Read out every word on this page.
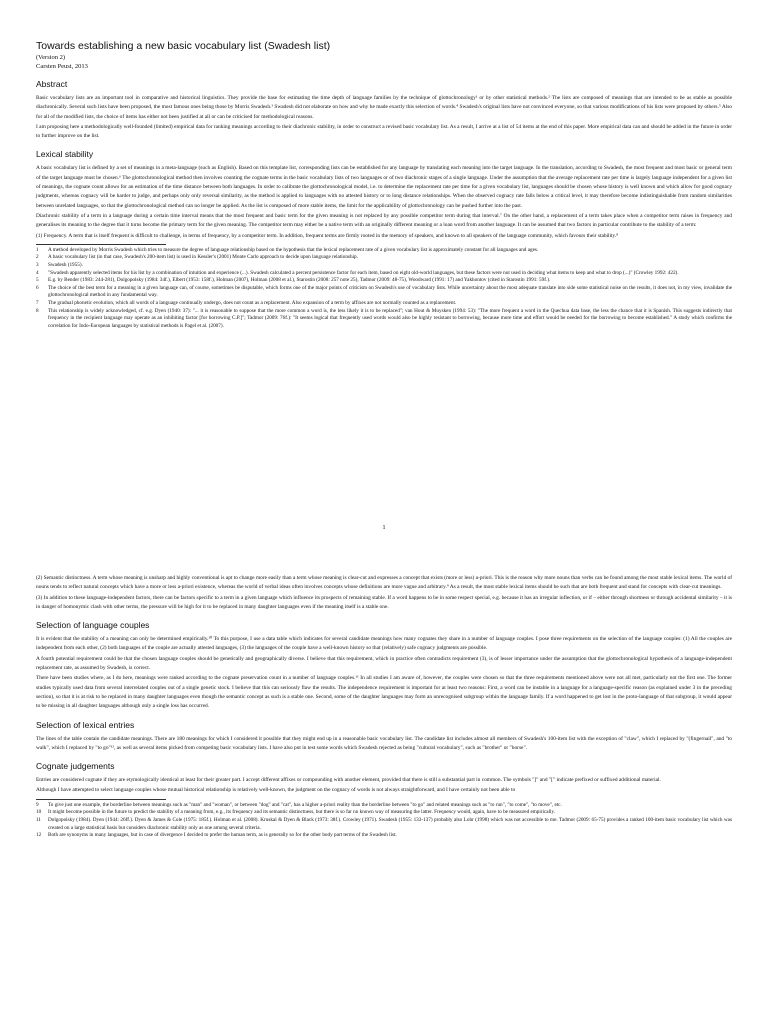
Towards establishing a new basic vocabulary list (Swadesh list)

(Version 2)

Carsten Peust, 2013

Abstract

Basic vocabulary lists are an important tool in comparative and historical linguistics. They provide the base for estimating the time depth of language families by the technique of glottochronology¹ or by other statistical methods.² The lists are composed of meanings that are intended to be as stable as possible diachronically. Several such lists have been proposed, the most famous ones being those by Morris Swadesh.³ Swadesh did not elaborate on how and why he made exactly this selection of words.⁴ Swadesh's original lists have not convinced everyone, so that various modifications of his lists were proposed by others.⁵ Also for all of the modified lists, the choice of items has either not been justified at all or can be criticised for methodological reasons.

I am proposing here a methodologically well-founded (limited) empirical data for ranking meanings according to their diachronic stability, in order to construct a revised basic vocabulary list. As a result, I arrive at a list of 54 items at the end of this paper. More empirical data can and should be added in the future in order to further improve on the list.

Lexical stability

A basic vocabulary list is defined by a set of meanings in a meta-language (such as English). Based on this template list, corresponding lists can be established for any language by translating each meaning into the target language. In the translation, according to Swadesh, the most frequent and most basic or general term of the target language must be chosen.⁶ The glottochronological method then involves counting the cognate terms in the basic vocabulary lists of two languages or of two diachronic stages of a single language. Under the assumption that the average replacement rate per time is largely language independent for a given list of meanings, the cognate count allows for an estimation of the time distance between both languages. In order to calibrate the glottochronological model, i.e. to determine the replacement rate per time for a given vocabulary list, languages should be chosen whose history is well known and which allow for good cognacy judgments, whereas cognacy will be harder to judge, and perhaps only only reversal similarity, as the method is applied to languages with no attested history or to long distance relationships. When the observed cognacy rate falls below a critical level, it may therefore become indistinguishable from random similarities between unrelated languages, so that the glottochronological method can no longer be applied. As the list is composed of more stable items, the limit for the applicability of glottochronology can be pushed further into the past.

Diachronic stability of a term in a language during a certain time interval means that the most frequent and basic term for the given meaning is not replaced by any possible competitor term during that interval.⁷ On the other hand, a replacement of a term takes place when a competitor term raises in frequency and generalises its meaning to the degree that it turns become the primary term for the given meaning. The competitor term may either be a native term with an originally different meaning or a loan word from another language. It can be assumed that two factors in particular contribute to the stability of a term:

(1) Frequency. A term that is itself frequent is difficult to challenge, in terms of frequency, by a competitor term. In addition, frequent terms are firmly rooted in the memory of speakers, and known to all speakers of the language community, which favours their stability.⁸

1	A method developed by Morris Swadesh which tries to measure the degree of language relationship based on the hypothesis that the lexical replacement rate of a given vocabulary list is approximately constant for all languages and ages.
2	A basic vocabulary list (in that case, Swadesh's 200-item list) is used in Kessler's (2001) Monte Carlo approach to decide upon language relationship.
3	Swadesh (1955).
4	"Swadesh apparently selected items for his list by a combination of intuition and experience (...). Swadesh calculated a percent persistence factor for each item, based on eight old-world languages, but these factors were not used in deciding what items to keep and what to drop (...)" (Crowley 1992: 422).
5	E.g. by Bender (1983: 244-281), Dolgopolsky (1984: 34f.), Elbert (1953: 158f.), Holman (2007), Holman (2008 et al.), Starostin (2008: 257 note 25), Tadmor (2009: 48-75), Woodward (1991: 17) and Yakhontov (cited in Starostin 1991: 59f.).
6	The choice of the best term for a meaning in a given language can, of course, sometimes be disputable, which forms one of the major points of criticism on Swadesh's use of vocabulary lists. While uncertainty about the most adequate translate into side some statistical noise on the results, it does not, in my view, invalidate the glottochronological method in any fundamental way.
7	The gradual phonetic evolution, which all words of a language continually undergo, does not count as a replacement. Also expansion of a term by affixes are not normally counted as a replacement.
8	This relationship is widely acknowledged, cf. e.g. Dyen (1940: 37): "... it is reasonable to suppose that the more common a word is, the less likely it is to be replaced"; van Hout & Muysken (1994: 53): "The more frequent a word in the Quechua data base, the less the chance that it is Spanish. This suggests indirectly that frequency in the recipient language may operate as an inhibiting factor [for borrowing C.P.]"; Tadmor (2009: 76f.): "It seems logical that frequently used words would also be highly resistant to borrowing, because more time and effort would be needed for the borrowing to become established." A study which confirms the correlation for Indo-European languages by statistical methods is Pagel et al. (2007).
1

(2) Semantic distinctness. A term whose meaning is unsharp and highly conventional is apt to change more easily than a term whose meaning is clear-cut and expresses a concept that exists (more or less) a-priori. This is the reason why more nouns than verbs can be found among the most stable lexical items. The world of nouns tends to reflect natural concepts which have a more or less a-priori existence, whereas the world of verbal ideas often involves concepts whose definitions are more vague and arbitrary.⁹ As a result, the most stable lexical items should be such that are both frequent and stand for concepts with clear-cut meanings.

(3) In addition to these language-independent factors, there can be factors specific to a term in a given language which influence its prospects of remaining stable. If a word happens to be in some respect special, e.g. because it has an irregular inflection, or if – either through shortness or through accidental similarity – it is in danger of homonymic clash with other terms, the pressure will be high for it to be replaced in many daughter languages even if the meaning itself is a stable one.

Selection of language couples

It is evident that the stability of a meaning can only be determined empirically.¹⁰ To this purpose, I use a data table which indicates for several candidate meanings how many cognates they share in a number of language couples. I pose three requirements on the selection of the language couples: (1) All the couples are independent from each other, (2) both languages of the couple are actually attested languages, (3) the languages of the couple have a well-known history so that (relatively) safe cognacy judgments are possible.

A fourth potential requirement could be that the chosen language couples should be genetically and geographically diverse. I believe that this requirement, which in practice often contradicts requirement (3), is of lesser importance under the assumption that the glottochronological hypothesis of a language-independent replacement rate, as assumed by Swadesh, is correct.

There have been studies where, as I do here, meanings were ranked according to the cognate preservation count in a number of language couples.¹¹ In all studies I am aware of, however, the couples were chosen so that the three requirements mentioned above were not all met, particularly not the first one. The former studies typically used data from several interrelated couples out of a single genetic stock. I believe that this can seriously flaw the results. The independence requirement is important for at least two reasons: First, a word can be instable in a language for a language-specific reason (as explained under 3 in the preceding section), so that it is at risk to be replaced in many daughter languages even though the semantic concept as such is a stable one. Second, some of the daughter languages may form an unrecognised subgroup within the language family. If a word happened to get lost in the proto-language of that subgroup, it would appear to be missing in all daughter languages although only a single loss has occurred.

Selection of lexical entries

The lines of the table contain the candidate meanings. There are 180 meanings for which I considered it possible that they might end up in a reasonable basic vocabulary list. The candidate list includes almost all members of Swadesh's 100-item list with the exception of "claw", which I replaced by "(fingernail", and "to walk", which I replaced by "to go"¹², as well as several items picked from competing basic vocabulary lists. I have also put in test some words which Swadesh rejected as being "cultural vocabulary", such as "brother" or "horse".

Cognate judgements

Entries are considered cognate if they are etymologically identical at least for their greater part. I accept different affixes or compounding with another element, provided that there is still a substantial part in common. The symbols "]" and "[" indicate prefixed or suffixed additional material.

Although I have attempted to select language couples whose mutual historical relationship is relatively well-known, the judgment on the cognacy of words is not always straightforward, and I have certainly not been able to

9	To give just one example, the borderline between meanings such as "man" and "woman", or between "dog" and "cat", has a higher a-priori reality than the borderline between "to go" and related meanings such as "to run", "to come", "to move", etc.
10	It might become possible in the future to predict the stability of a meaning from, e.g., its frequency and its semantic distinctness, but there is so far no known way of measuring the latter. Frequency would, again, have to be measured empirically.
11	Dolgopolsky (1984). Dyen (1944: 26ff.). Dyen & James & Cole (1975: 185f.). Holman et al. (2008). Kruskal & Dyen & Black (1973: 38f.). Crowley (1971). Swadesh (1955: 133-137) probably also Lohr (1998) which was not accessible to me. Tadmor (2009: 65-75) provides a ranked 100-item basic vocabulary list which was created on a large statistical basis but considers diachronic stability only as one among several criteria.
12	Both are synonyms in many languages, but in case of divergence I decided to prefer the human term, as is generally so for the other body part terms of the Swadesh list.
